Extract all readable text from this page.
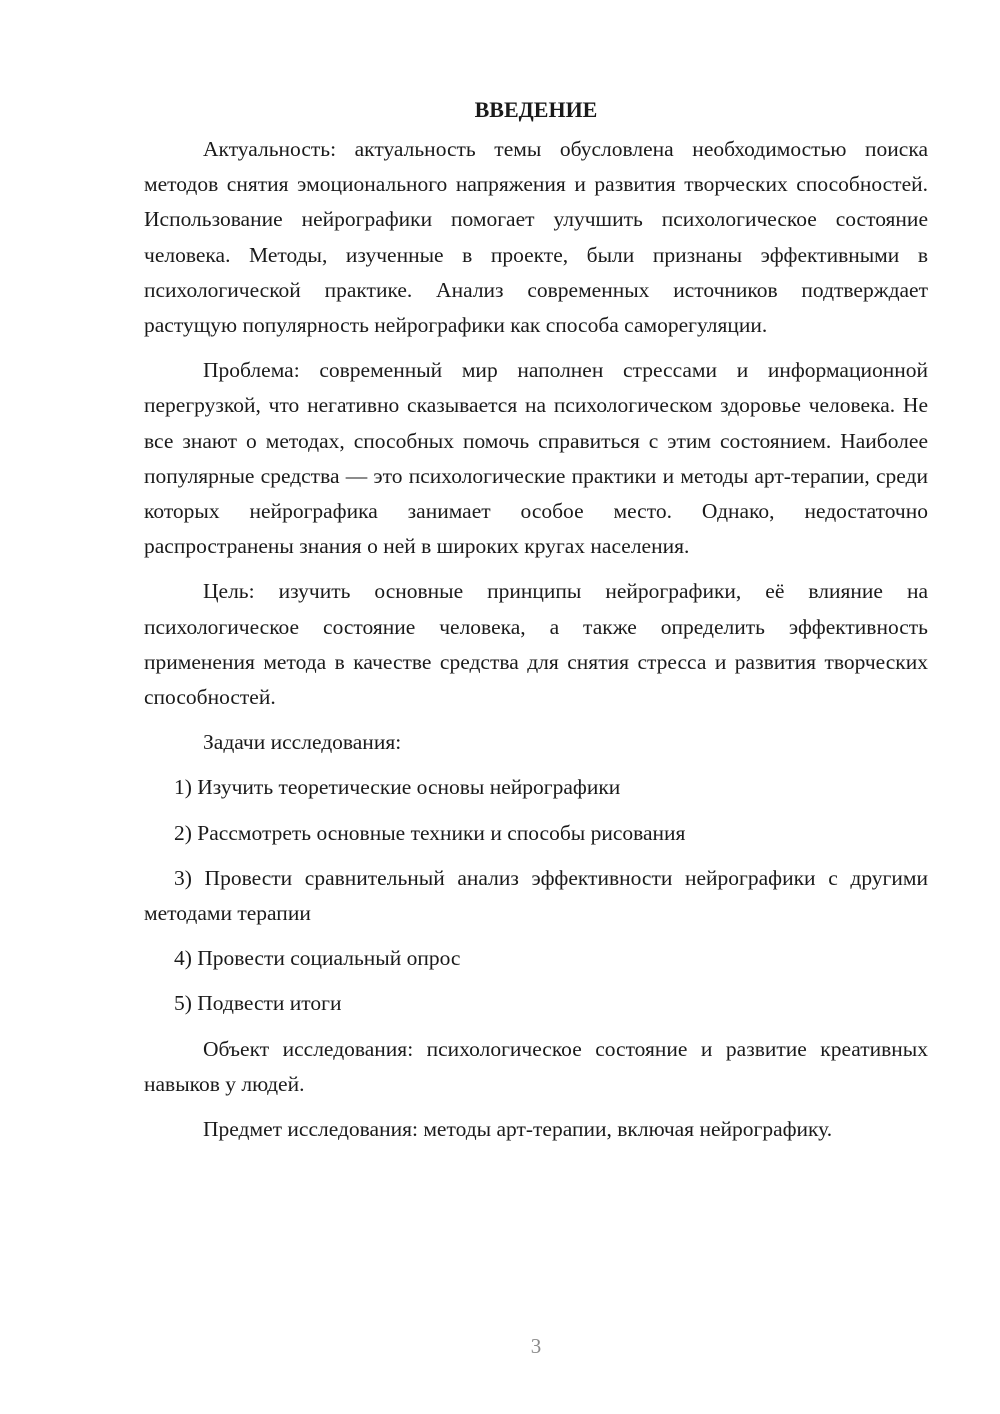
ВВЕДЕНИЕ

Актуальность: актуальность темы обусловлена необходимостью поиска методов снятия эмоционального напряжения и развития творческих способностей. Использование нейрографики помогает улучшить психологическое состояние человека. Методы, изученные в проекте, были признаны эффективными в психологической практике. Анализ современных источников подтверждает растущую популярность нейрографики как способа саморегуляции.

Проблема: современный мир наполнен стрессами и информационной перегрузкой, что негативно сказывается на психологическом здоровье человека. Не все знают о методах, способных помочь справиться с этим состоянием. Наиболее популярные средства — это психологические практики и методы арт-терапии, среди которых нейрографика занимает особое место. Однако, недостаточно распространены знания о ней в широких кругах населения.

Цель: изучить основные принципы нейрографики, её влияние на психологическое состояние человека, а также определить эффективность применения метода в качестве средства для снятия стресса и развития творческих способностей.

Задачи исследования:

1) Изучить теоретические основы нейрографики

2) Рассмотреть основные техники и способы рисования

3) Провести сравнительный анализ эффективности нейрографики с другими методами терапии

4) Провести социальный опрос

5) Подвести итоги

Объект исследования: психологическое состояние и развитие креативных навыков у людей.

Предмет исследования: методы арт-терапии, включая нейрографику.

3
